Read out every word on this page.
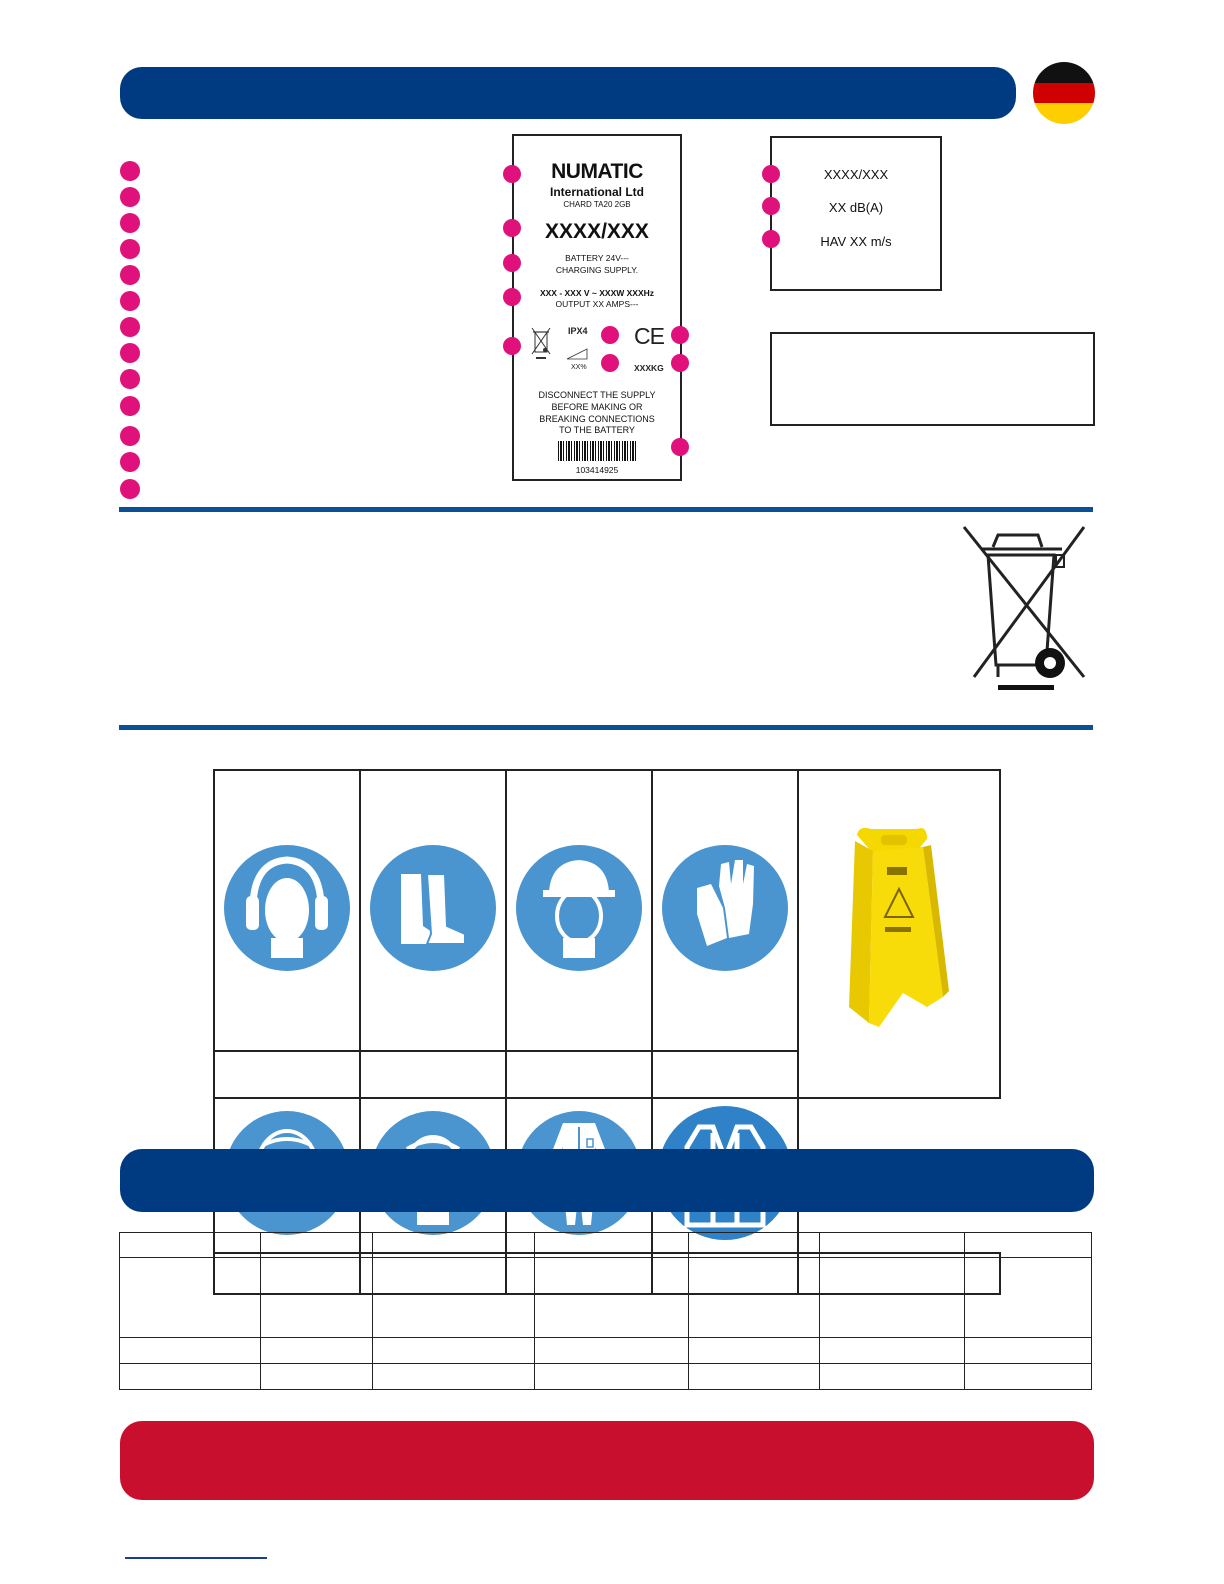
NUMATIC
International Ltd
CHARD TA20 2GB
XXXX/XXX
BATTERY 24V---
CHARGING SUPPLY.
XXX - XXX V ~ XXXW XXXHz
OUTPUT XX AMPS---
IPX4
XX%
CE
XXXKG
DISCONNECT THE SUPPLY
BEFORE MAKING OR
BREAKING CONNECTIONS
TO THE BATTERY
103414925
XXXX/XXX
XX dB(A)
HAV XX m/s
